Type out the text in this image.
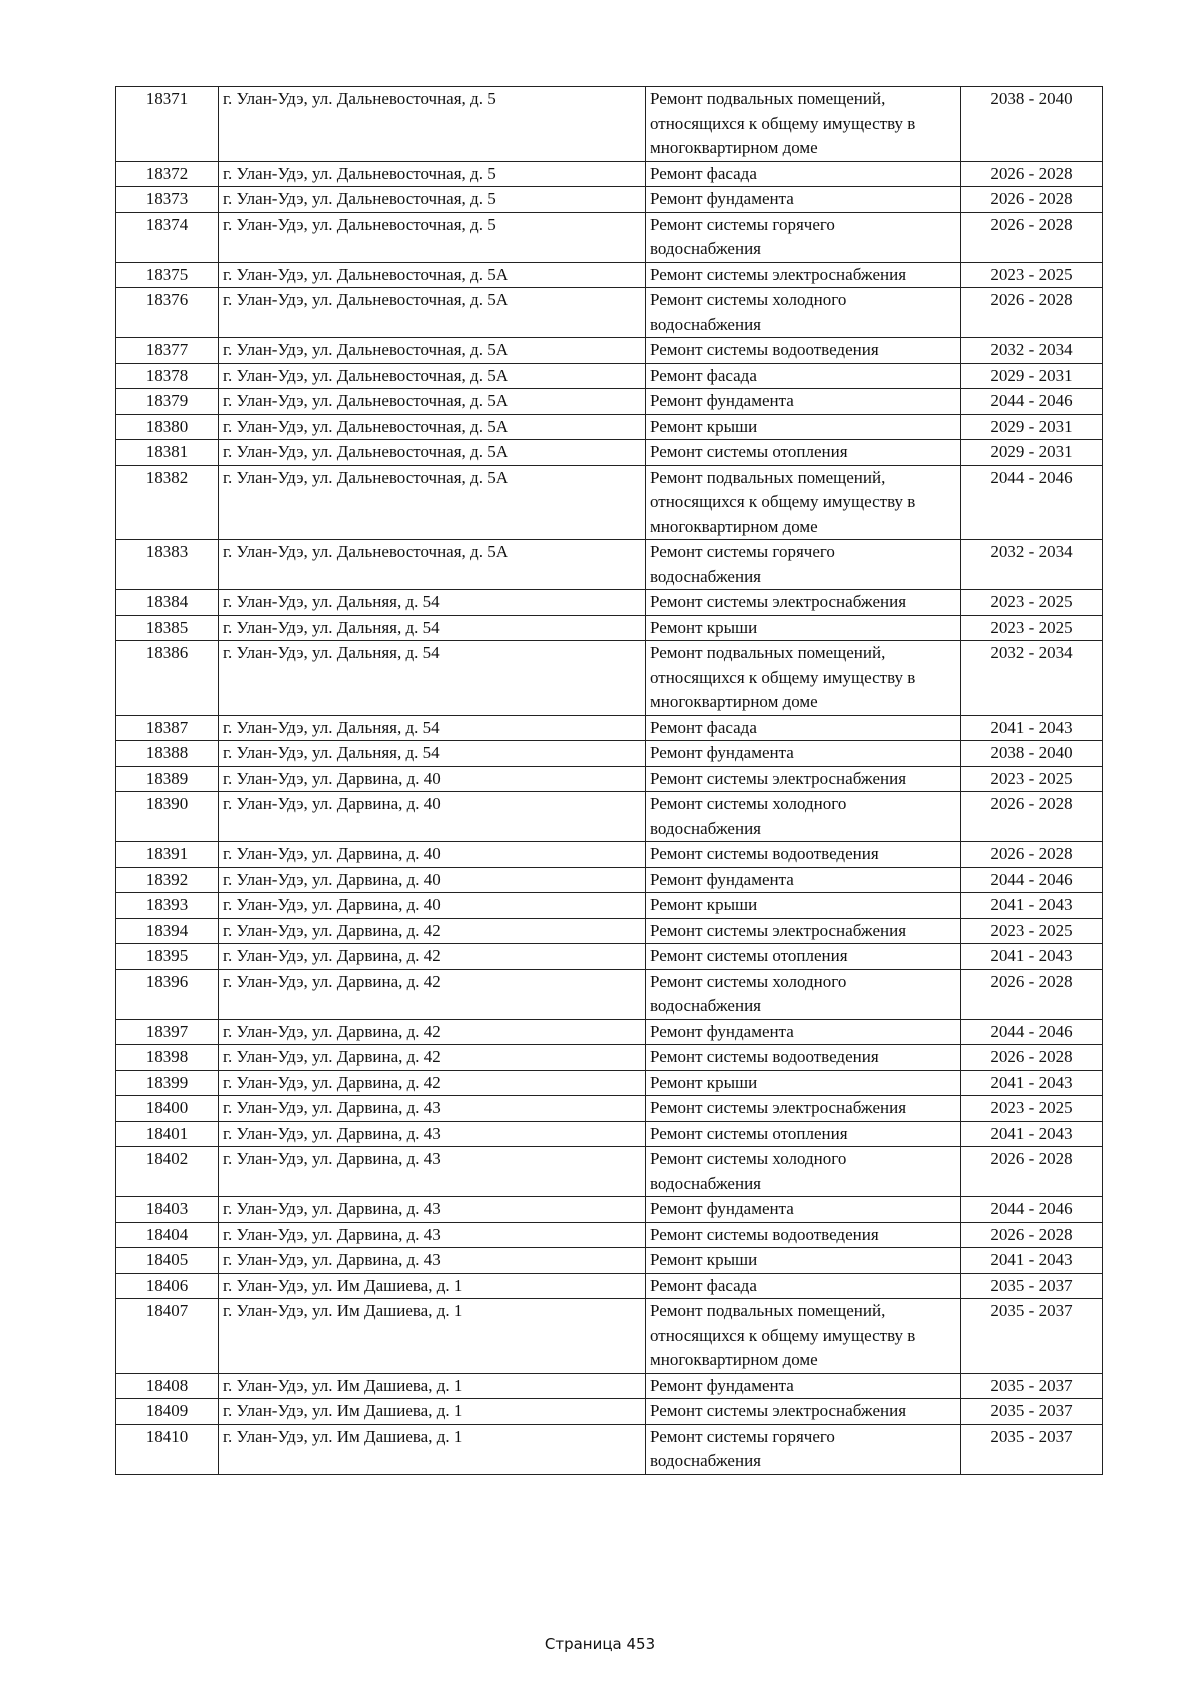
18371	г. Улан-Удэ, ул. Дальневосточная, д. 5	Ремонт подвальных помещений,
относящихся к общему имуществу в
многоквартирном доме	2038 - 2040
18372	г. Улан-Удэ, ул. Дальневосточная, д. 5	Ремонт фасада	2026 - 2028
18373	г. Улан-Удэ, ул. Дальневосточная, д. 5	Ремонт фундамента	2026 - 2028
18374	г. Улан-Удэ, ул. Дальневосточная, д. 5	Ремонт системы горячего
водоснабжения	2026 - 2028
18375	г. Улан-Удэ, ул. Дальневосточная, д. 5А	Ремонт системы электроснабжения	2023 - 2025
18376	г. Улан-Удэ, ул. Дальневосточная, д. 5А	Ремонт системы холодного
водоснабжения	2026 - 2028
18377	г. Улан-Удэ, ул. Дальневосточная, д. 5А	Ремонт системы водоотведения	2032 - 2034
18378	г. Улан-Удэ, ул. Дальневосточная, д. 5А	Ремонт фасада	2029 - 2031
18379	г. Улан-Удэ, ул. Дальневосточная, д. 5А	Ремонт фундамента	2044 - 2046
18380	г. Улан-Удэ, ул. Дальневосточная, д. 5А	Ремонт крыши	2029 - 2031
18381	г. Улан-Удэ, ул. Дальневосточная, д. 5А	Ремонт системы отопления	2029 - 2031
18382	г. Улан-Удэ, ул. Дальневосточная, д. 5А	Ремонт подвальных помещений,
относящихся к общему имуществу в
многоквартирном доме	2044 - 2046
18383	г. Улан-Удэ, ул. Дальневосточная, д. 5А	Ремонт системы горячего
водоснабжения	2032 - 2034
18384	г. Улан-Удэ, ул. Дальняя, д. 54	Ремонт системы электроснабжения	2023 - 2025
18385	г. Улан-Удэ, ул. Дальняя, д. 54	Ремонт крыши	2023 - 2025
18386	г. Улан-Удэ, ул. Дальняя, д. 54	Ремонт подвальных помещений,
относящихся к общему имуществу в
многоквартирном доме	2032 - 2034
18387	г. Улан-Удэ, ул. Дальняя, д. 54	Ремонт фасада	2041 - 2043
18388	г. Улан-Удэ, ул. Дальняя, д. 54	Ремонт фундамента	2038 - 2040
18389	г. Улан-Удэ, ул. Дарвина, д. 40	Ремонт системы электроснабжения	2023 - 2025
18390	г. Улан-Удэ, ул. Дарвина, д. 40	Ремонт системы холодного
водоснабжения	2026 - 2028
18391	г. Улан-Удэ, ул. Дарвина, д. 40	Ремонт системы водоотведения	2026 - 2028
18392	г. Улан-Удэ, ул. Дарвина, д. 40	Ремонт фундамента	2044 - 2046
18393	г. Улан-Удэ, ул. Дарвина, д. 40	Ремонт крыши	2041 - 2043
18394	г. Улан-Удэ, ул. Дарвина, д. 42	Ремонт системы электроснабжения	2023 - 2025
18395	г. Улан-Удэ, ул. Дарвина, д. 42	Ремонт системы отопления	2041 - 2043
18396	г. Улан-Удэ, ул. Дарвина, д. 42	Ремонт системы холодного
водоснабжения	2026 - 2028
18397	г. Улан-Удэ, ул. Дарвина, д. 42	Ремонт фундамента	2044 - 2046
18398	г. Улан-Удэ, ул. Дарвина, д. 42	Ремонт системы водоотведения	2026 - 2028
18399	г. Улан-Удэ, ул. Дарвина, д. 42	Ремонт крыши	2041 - 2043
18400	г. Улан-Удэ, ул. Дарвина, д. 43	Ремонт системы электроснабжения	2023 - 2025
18401	г. Улан-Удэ, ул. Дарвина, д. 43	Ремонт системы отопления	2041 - 2043
18402	г. Улан-Удэ, ул. Дарвина, д. 43	Ремонт системы холодного
водоснабжения	2026 - 2028
18403	г. Улан-Удэ, ул. Дарвина, д. 43	Ремонт фундамента	2044 - 2046
18404	г. Улан-Удэ, ул. Дарвина, д. 43	Ремонт системы водоотведения	2026 - 2028
18405	г. Улан-Удэ, ул. Дарвина, д. 43	Ремонт крыши	2041 - 2043
18406	г. Улан-Удэ, ул. Им Дашиева, д. 1	Ремонт фасада	2035 - 2037
18407	г. Улан-Удэ, ул. Им Дашиева, д. 1	Ремонт подвальных помещений,
относящихся к общему имуществу в
многоквартирном доме	2035 - 2037
18408	г. Улан-Удэ, ул. Им Дашиева, д. 1	Ремонт фундамента	2035 - 2037
18409	г. Улан-Удэ, ул. Им Дашиева, д. 1	Ремонт системы электроснабжения	2035 - 2037
18410	г. Улан-Удэ, ул. Им Дашиева, д. 1	Ремонт системы горячего
водоснабжения	2035 - 2037
Страница 453
